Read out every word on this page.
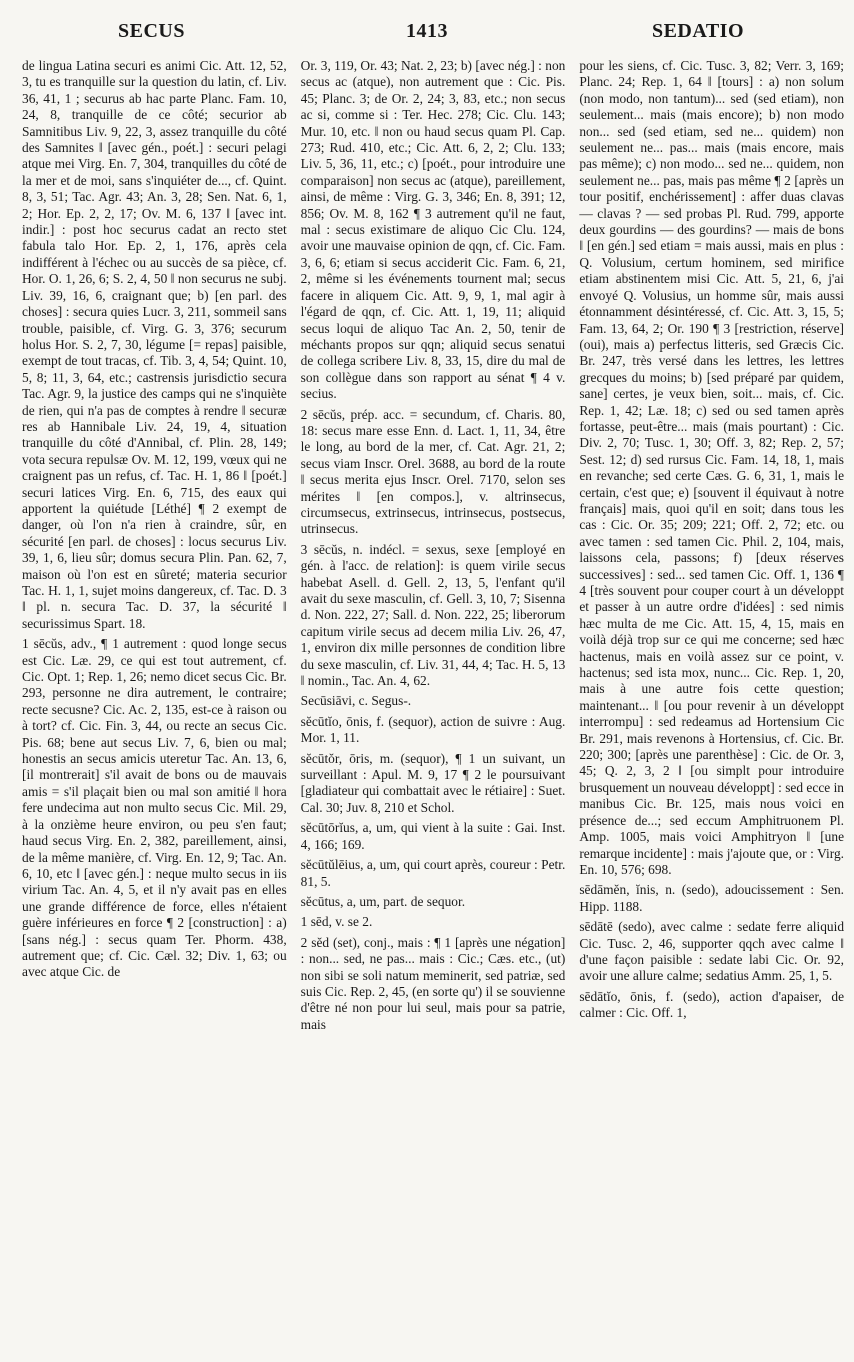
SECUS	1413	SEDATIO

de lingua Latina securi es animi Cic. Att. 12, 52, 3, tu es tranquille sur la question du latin, cf. Liv. 36, 41, 1 ; securus ab hac parte Planc. Fam. 10, 24, 8, tranquille de ce côté; securior ab Samnitibus Liv. 9, 22, 3, assez tranquille du côté des Samnites ‖ [avec gén., poét.] : securi pelagi atque mei Virg. En. 7, 304, tranquilles du côté de la mer et de moi, sans s'inquiéter de..., cf. Quint. 8, 3, 51; Tac. Agr. 43; An. 3, 28; Sen. Nat. 6, 1, 2; Hor. Ep. 2, 2, 17; Ov. M. 6, 137 ‖ [avec int. indir.] : post hoc securus cadat an recto stet fabula talo Hor. Ep. 2, 1, 176, après cela indifférent à l'échec ou au succès de sa pièce, cf. Hor. O. 1, 26, 6; S. 2, 4, 50 ‖ non securus ne subj. Liv. 39, 16, 6, craignant que; b) [en parl. des choses] : secura quies Lucr. 3, 211, sommeil sans trouble, paisible, cf. Virg. G. 3, 376; securum holus Hor. S. 2, 7, 30, légume [= repas] paisible, exempt de tout tracas, cf. Tib. 3, 4, 54; Quint. 10, 5, 8; 11, 3, 64, etc.; castrensis jurisdictio secura Tac. Agr. 9, la justice des camps qui ne s'inquiète de rien, qui n'a pas de comptes à rendre ‖ securæ res ab Hannibale Liv. 24, 19, 4, situation tranquille du côté d'Annibal, cf. Plin. 28, 149; vota secura repulsæ Ov. M. 12, 199, vœux qui ne craignent pas un refus, cf. Tac. H. 1, 86 ‖ [poét.] securi latices Virg. En. 6, 715, des eaux qui apportent la quiétude [Léthé] ¶ 2 exempt de danger, où l'on n'a rien à craindre, sûr, en sécurité [en parl. de choses] : locus securus Liv. 39, 1, 6, lieu sûr; domus secura Plin. Pan. 62, 7, maison où l'on est en sûreté; materia securior Tac. H. 1, 1, sujet moins dangereux, cf. Tac. D. 3 ‖ pl. n. secura Tac. D. 37, la sécurité ‖ securissimus Spart. 18.

1 sēcŭs, adv., ¶ 1 autrement : quod longe secus est Cic. Læ. 29, ce qui est tout autrement, cf. Cic. Opt. 1; Rep. 1, 26; nemo dicet secus Cic. Br. 293, personne ne dira autrement, le contraire; recte secusne? Cic. Ac. 2, 135, est-ce à raison ou à tort? cf. Cic. Fin. 3, 44, ou recte an secus Cic. Pis. 68; bene aut secus Liv. 7, 6, bien ou mal; honestis an secus amicis uteretur Tac. An. 13, 6, [il montrerait] s'il avait de bons ou de mauvais amis = s'il plaçait bien ou mal son amitié ‖ hora fere undecima aut non multo secus Cic. Mil. 29, à la onzième heure environ, ou peu s'en faut; haud secus Virg. En. 2, 382, pareillement, ainsi, de la même manière, cf. Virg. En. 12, 9; Tac. An. 6, 10, etc ‖ [avec gén.] : neque multo secus in iis virium Tac. An. 4, 5, et il n'y avait pas en elles une grande différence de force, elles n'étaient guère inférieures en force ¶ 2 [construction] : a) [sans nég.] : secus quam Ter. Phorm. 438, autrement que; cf. Cic. Cæl. 32; Div. 1, 63; ou avec atque Cic. de

Or. 3, 119, Or. 43; Nat. 2, 23; b) [avec nég.] : non secus ac (atque), non autrement que : Cic. Pis. 45; Planc. 3; de Or. 2, 24; 3, 83, etc.; non secus ac si, comme si : Ter. Hec. 278; Cic. Clu. 143; Mur. 10, etc. ‖ non ou haud secus quam Pl. Cap. 273; Rud. 410, etc.; Cic. Att. 6, 2, 2; Clu. 133; Liv. 5, 36, 11, etc.; c) [poét., pour introduire une comparaison] non secus ac (atque), pareillement, ainsi, de même : Virg. G. 3, 346; En. 8, 391; 12, 856; Ov. M. 8, 162 ¶ 3 autrement qu'il ne faut, mal : secus existimare de aliquo Cic Clu. 124, avoir une mauvaise opinion de qqn, cf. Cic. Fam. 3, 6, 6; etiam si secus acciderit Cic. Fam. 6, 21, 2, même si les événements tournent mal; secus facere in aliquem Cic. Att. 9, 9, 1, mal agir à l'égard de qqn, cf. Cic. Att. 1, 19, 11; aliquid secus loqui de aliquo Tac An. 2, 50, tenir de méchants propos sur qqn; aliquid secus senatui de collega scribere Liv. 8, 33, 15, dire du mal de son collègue dans son rapport au sénat ¶ 4 v. secius.

2 sēcŭs, prép. acc. = secundum, cf. Charis. 80, 18: secus mare esse Enn. d. Lact. 1, 11, 34, être le long, au bord de la mer, cf. Cat. Agr. 21, 2; secus viam Inscr. Orel. 3688, au bord de la route ‖ secus merita ejus Inscr. Orel. 7170, selon ses mérites ‖ [en compos.], v. altrinsecus, circumsecus, extrinsecus, intrinsecus, postsecus, utrinsecus.

3 sēcŭs, n. indécl. = sexus, sexe [employé en gén. à l'acc. de relation]: is quem virile secus habebat Asell. d. Gell. 2, 13, 5, l'enfant qu'il avait du sexe masculin, cf. Gell. 3, 10, 7; Sisenna d. Non. 222, 27; Sall. d. Non. 222, 25; liberorum capitum virile secus ad decem milia Liv. 26, 47, 1, environ dix mille personnes de condition libre du sexe masculin, cf. Liv. 31, 44, 4; Tac. H. 5, 13 ‖ nomin., Tac. An. 4, 62.

Secūsiāvi, c. Segus-.

sĕcūtĭo, ōnis, f. (sequor), action de suivre : Aug. Mor. 1, 11.

sĕcūtŏr, ōris, m. (sequor), ¶ 1 un suivant, un surveillant : Apul. M. 9, 17 ¶ 2 le poursuivant [gladiateur qui combattait avec le rétiaire] : Suet. Cal. 30; Juv. 8, 210 et Schol.

sĕcūtōrĭus, a, um, qui vient à la suite : Gai. Inst. 4, 166; 169.

sĕcūtŭlēius, a, um, qui court après, coureur : Petr. 81, 5.

sĕcūtus, a, um, part. de sequor.

1 sēd, v. se 2.

2 sĕd (set), conj., mais : ¶ 1 [après une négation] : non... sed, ne pas... mais : Cic.; Cæs. etc., (ut) non sibi se soli natum meminerit, sed patriæ, sed suis Cic. Rep. 2, 45, (en sorte qu') il se souvienne d'être né non pour lui seul, mais pour sa patrie, mais

pour les siens, cf. Cic. Tusc. 3, 82; Verr. 3, 169; Planc. 24; Rep. 1, 64 ‖ [tours] : a) non solum (non modo, non tantum)... sed (sed etiam), non seulement... mais (mais encore); b) non modo non... sed (sed etiam, sed ne... quidem) non seulement ne... pas... mais (mais encore, mais pas même); c) non modo... sed ne... quidem, non seulement ne... pas, mais pas même ¶ 2 [après un tour positif, enchérissement] : affer duas clavas — clavas ? — sed probas Pl. Rud. 799, apporte deux gourdins — des gourdins? — mais de bons ‖ [en gén.] sed etiam = mais aussi, mais en plus : Q. Volusium, certum hominem, sed mirifice etiam abstinentem misi Cic. Att. 5, 21, 6, j'ai envoyé Q. Volusius, un homme sûr, mais aussi étonnamment désintéressé, cf. Cic. Att. 3, 15, 5; Fam. 13, 64, 2; Or. 190 ¶ 3 [restriction, réserve] (oui), mais a) perfectus litteris, sed Græcis Cic. Br. 247, très versé dans les lettres, les lettres grecques du moins; b) [sed préparé par quidem, sane] certes, je veux bien, soit... mais, cf. Cic. Rep. 1, 42; Læ. 18; c) sed ou sed tamen après fortasse, peut-être... mais (mais pourtant) : Cic. Div. 2, 70; Tusc. 1, 30; Off. 3, 82; Rep. 2, 57; Sest. 12; d) sed rursus Cic. Fam. 14, 18, 1, mais en revanche; sed certe Cæs. G. 6, 31, 1, mais le certain, c'est que; e) [souvent il équivaut à notre français] mais, quoi qu'il en soit; dans tous les cas : Cic. Or. 35; 209; 221; Off. 2, 72; etc. ou avec tamen : sed tamen Cic. Phil. 2, 104, mais, laissons cela, passons; f) [deux réserves successives] : sed... sed tamen Cic. Off. 1, 136 ¶ 4 [très souvent pour couper court à un développt et passer à un autre ordre d'idées] : sed nimis hæc multa de me Cic. Att. 15, 4, 15, mais en voilà déjà trop sur ce qui me concerne; sed hæc hactenus, mais en voilà assez sur ce point, v. hactenus; sed ista mox, nunc... Cic. Rep. 1, 20, mais à une autre fois cette question; maintenant... ‖ [ou pour revenir à un développt interrompu] : sed redeamus ad Hortensium Cic Br. 291, mais revenons à Hortensius, cf. Cic. Br. 220; 300; [après une parenthèse] : Cic. de Or. 3, 45; Q. 2, 3, 2 ‖ [ou simplt pour introduire brusquement un nouveau développt] : sed ecce in manibus Cic. Br. 125, mais nous voici en présence de...; sed eccum Amphitruonem Pl. Amp. 1005, mais voici Amphitryon ‖ [une remarque incidente] : mais j'ajoute que, or : Virg. En. 10, 576; 698.

sēdāmĕn, ĭnis, n. (sedo), adoucissement : Sen. Hipp. 1188.

sēdātē (sedo), avec calme : sedate ferre aliquid Cic. Tusc. 2, 46, supporter qqch avec calme ‖ d'une façon paisible : sedate labi Cic. Or. 92, avoir une allure calme; sedatius Amm. 25, 1, 5.

sēdātĭo, ōnis, f. (sedo), action d'apaiser, de calmer : Cic. Off. 1,
